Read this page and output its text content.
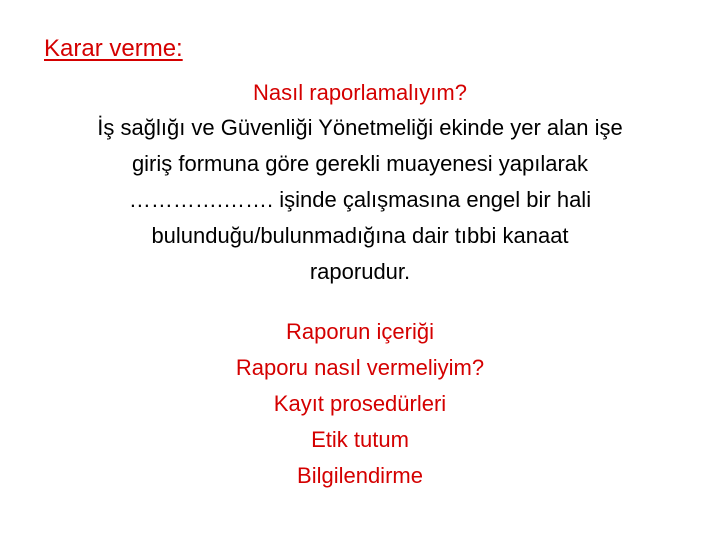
Karar verme:
Nasıl raporlamalıyım?
İş sağlığı ve Güvenliği Yönetmeliği ekinde yer alan işe
giriş formuna göre gerekli muayenesi yapılarak
………….……. işinde çalışmasına engel bir hali
bulunduğu/bulunmadığına dair tıbbi kanaat
raporudur.
Raporun içeriği
Raporu nasıl vermeliyim?
Kayıt prosedürleri
Etik tutum
Bilgilendirme
